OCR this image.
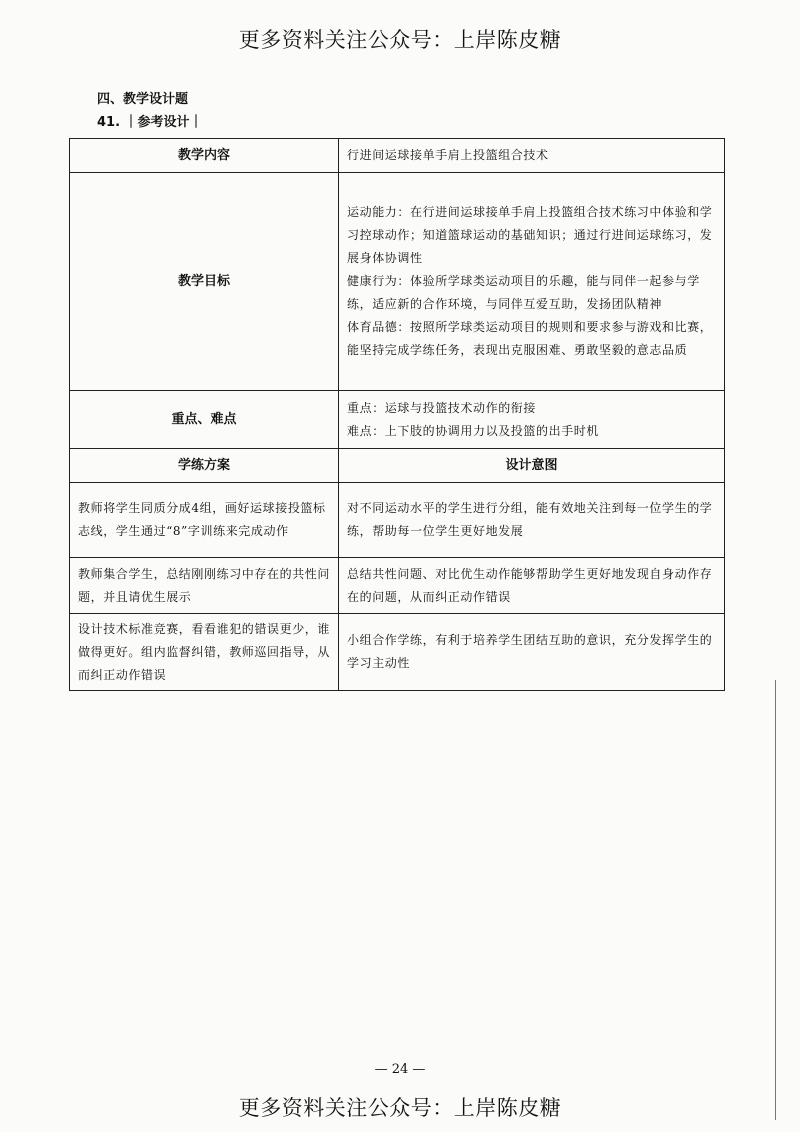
更多资料关注公众号：上岸陈皮糖
四、教学设计题
41. ｜参考设计｜
教学内容	行进间运球接单手肩上投篮组合技术
教学目标	运动能力：在行进间运球接单手肩上投篮组合技术练习中体验和学习控球动作；知道篮球运动的基础知识；通过行进间运球练习，发展身体协调性
健康行为：体验所学球类运动项目的乐趣，能与同伴一起参与学练，适应新的合作环境，与同伴互爱互助，发扬团队精神
体育品德：按照所学球类运动项目的规则和要求参与游戏和比赛，能坚持完成学练任务，表现出克服困难、勇敢坚毅的意志品质

重点、难点	重点：运球与投篮技术动作的衔接
难点：上下肢的协调用力以及投篮的出手时机

学练方案	设计意图
教师将学生同质分成4组，画好运球接投篮标志线，学生通过“8”字训练来完成动作	对不同运动水平的学生进行分组，能有效地关注到每一位学生的学练，帮助每一位学生更好地发展
教师集合学生，总结刚刚练习中存在的共性问题，并且请优生展示	总结共性问题、对比优生动作能够帮助学生更好地发现自身动作存在的问题，从而纠正动作错误
设计技术标准竞赛，看看谁犯的错误更少，谁做得更好。组内监督纠错，教师巡回指导，从而纠正动作错误	小组合作学练，有利于培养学生团结互助的意识，充分发挥学生的学习主动性
— 24 —
更多资料关注公众号：上岸陈皮糖
